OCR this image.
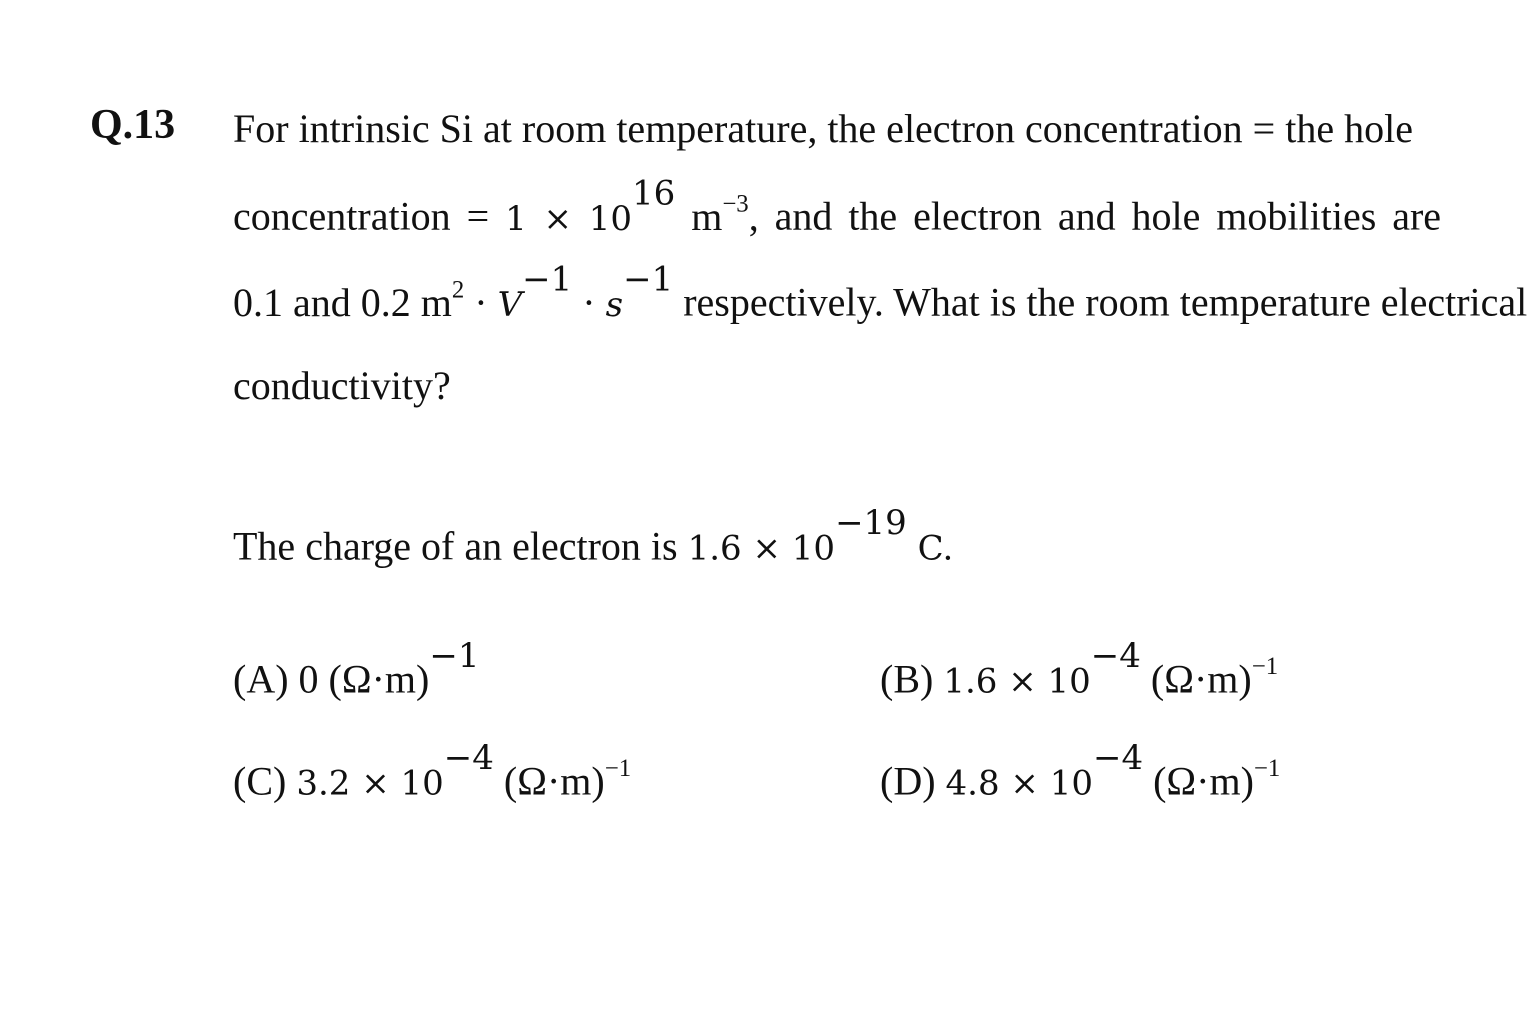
Q.13 For intrinsic Si at room temperature, the electron concentration = the hole
concentration = $1 \times 10^{16}$ $m^{-3}$, and the electron and hole mobilities are
0.1 and 0.2 $m^2 \cdot V^{-1} \cdot s^{-1}$ respectively. What is the room temperature electrical
conductivity?
The charge of an electron is $1.6 \times 10^{-19}$ C.
(A) 0 $(\Omega\cdot m)^{-1}$
(B) $1.6 \times 10^{-4}$ $(\Omega\cdot m)^{-1}$
(C) $3.2 \times 10^{-4}$ $(\Omega\cdot m)^{-1}$	(D) $4.8 \times 10^{-4}$ $(\Omega\cdot m)^{-1}$
